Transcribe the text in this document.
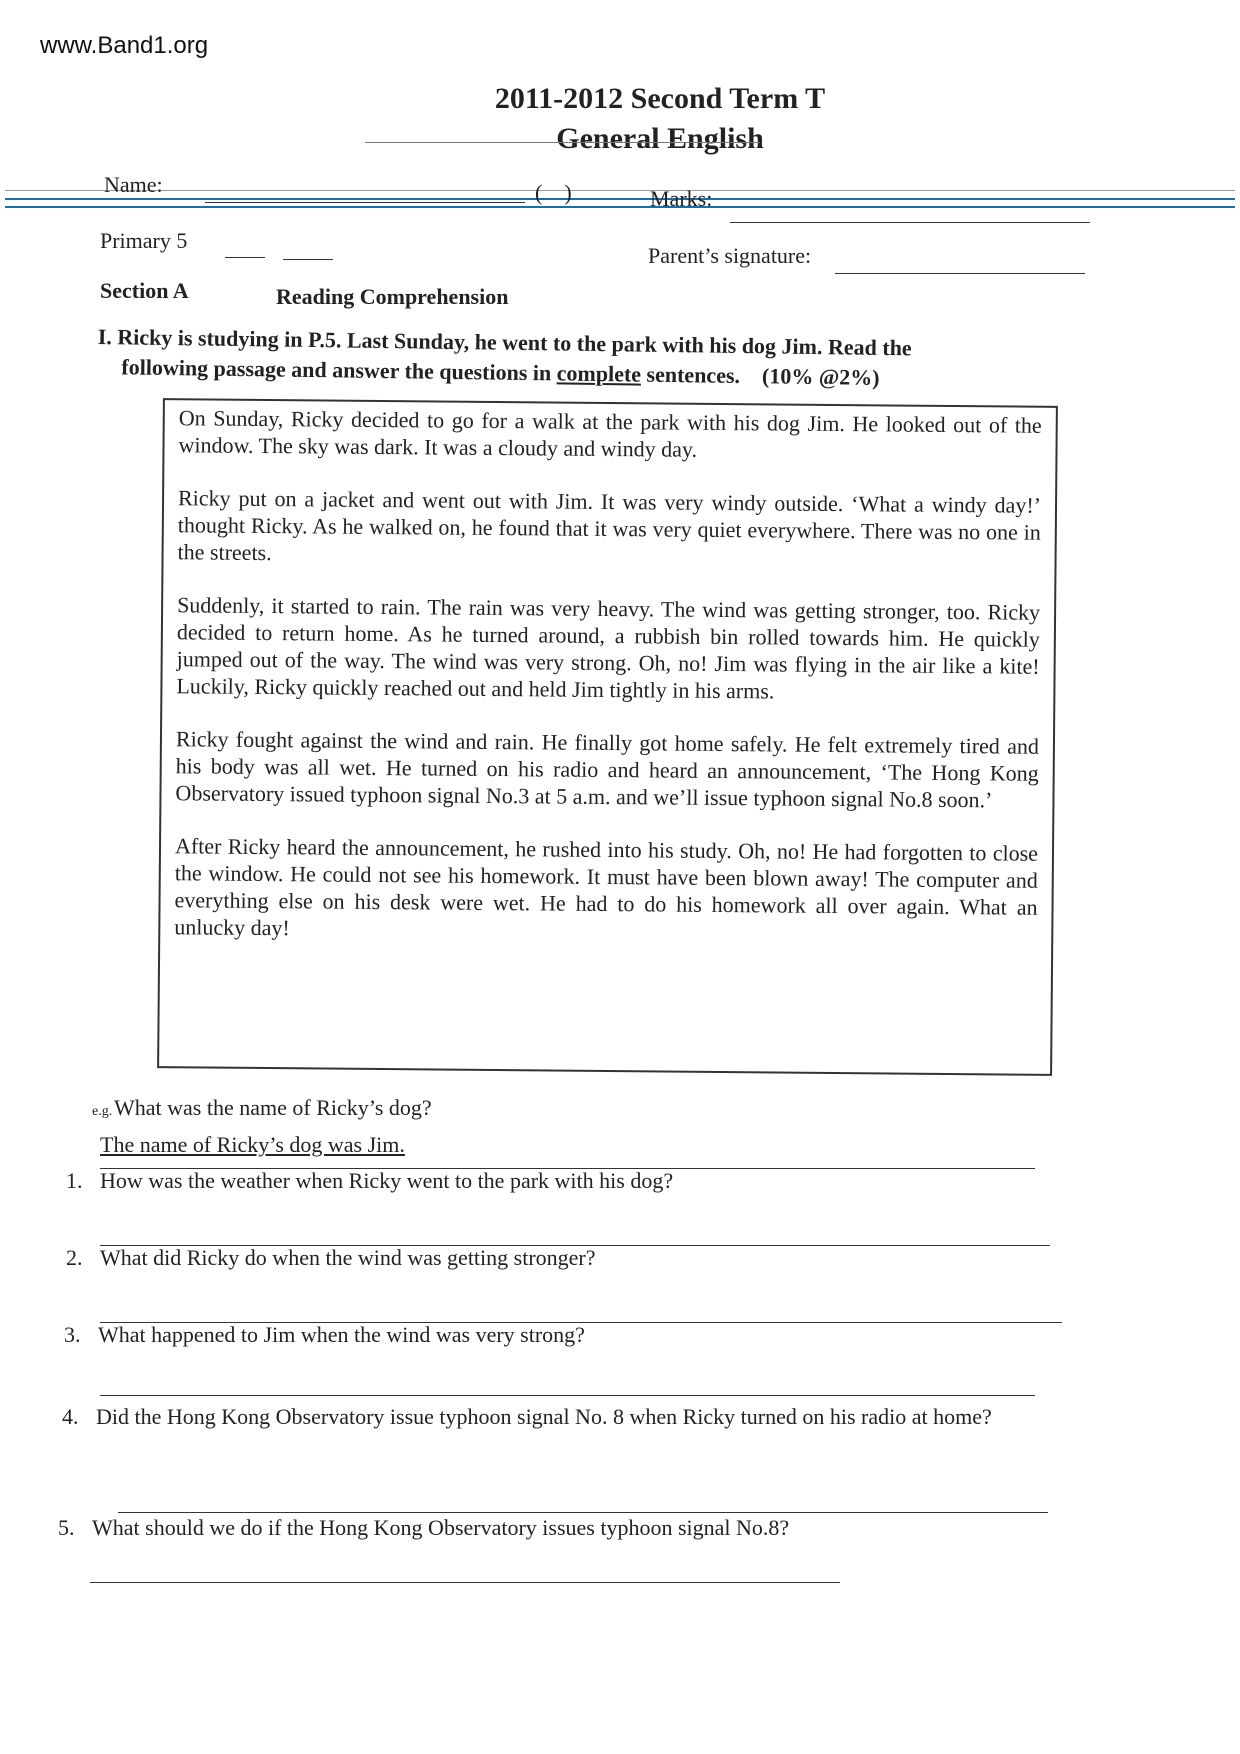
www.Band1.org
2011-2012 Second Term T
General English
Name:	(    )	Marks:
Primary 5
Parent’s signature:
Section A	Reading Comprehension
I. Ricky is studying in P.5. Last Sunday, he went to the park with his dog Jim. Read the
following passage and answer the questions in complete sentences. (10% @2%)

On Sunday, Ricky decided to go for a walk at the park with his dog Jim. He looked out of the window. The sky was dark. It was a cloudy and windy day.

Ricky put on a jacket and went out with Jim. It was very windy outside. ‘What a windy day!’ thought Ricky. As he walked on, he found that it was very quiet everywhere. There was no one in the streets.

Suddenly, it started to rain. The rain was very heavy. The wind was getting stronger, too. Ricky decided to return home. As he turned around, a rubbish bin rolled towards him. He quickly jumped out of the way. The wind was very strong. Oh, no! Jim was flying in the air like a kite! Luckily, Ricky quickly reached out and held Jim tightly in his arms.

Ricky fought against the wind and rain. He finally got home safely. He felt extremely tired and his body was all wet. He turned on his radio and heard an announcement, ‘The Hong Kong Observatory issued typhoon signal No.3 at 5 a.m. and we’ll issue typhoon signal No.8 soon.’

After Ricky heard the announcement, he rushed into his study. Oh, no! He had forgotten to close the window. He could not see his homework. It must have been blown away! The computer and everything else on his desk were wet. He had to do his homework all over again. What an unlucky day!

e.g.What was the name of Ricky’s dog?
The name of Ricky’s dog was Jim.
1. How was the weather when Ricky went to the park with his dog?
2. What did Ricky do when the wind was getting stronger?
3. What happened to Jim when the wind was very strong?
4. Did the Hong Kong Observatory issue typhoon signal No. 8 when Ricky turned on his radio at home?
5. What should we do if the Hong Kong Observatory issues typhoon signal No.8?
